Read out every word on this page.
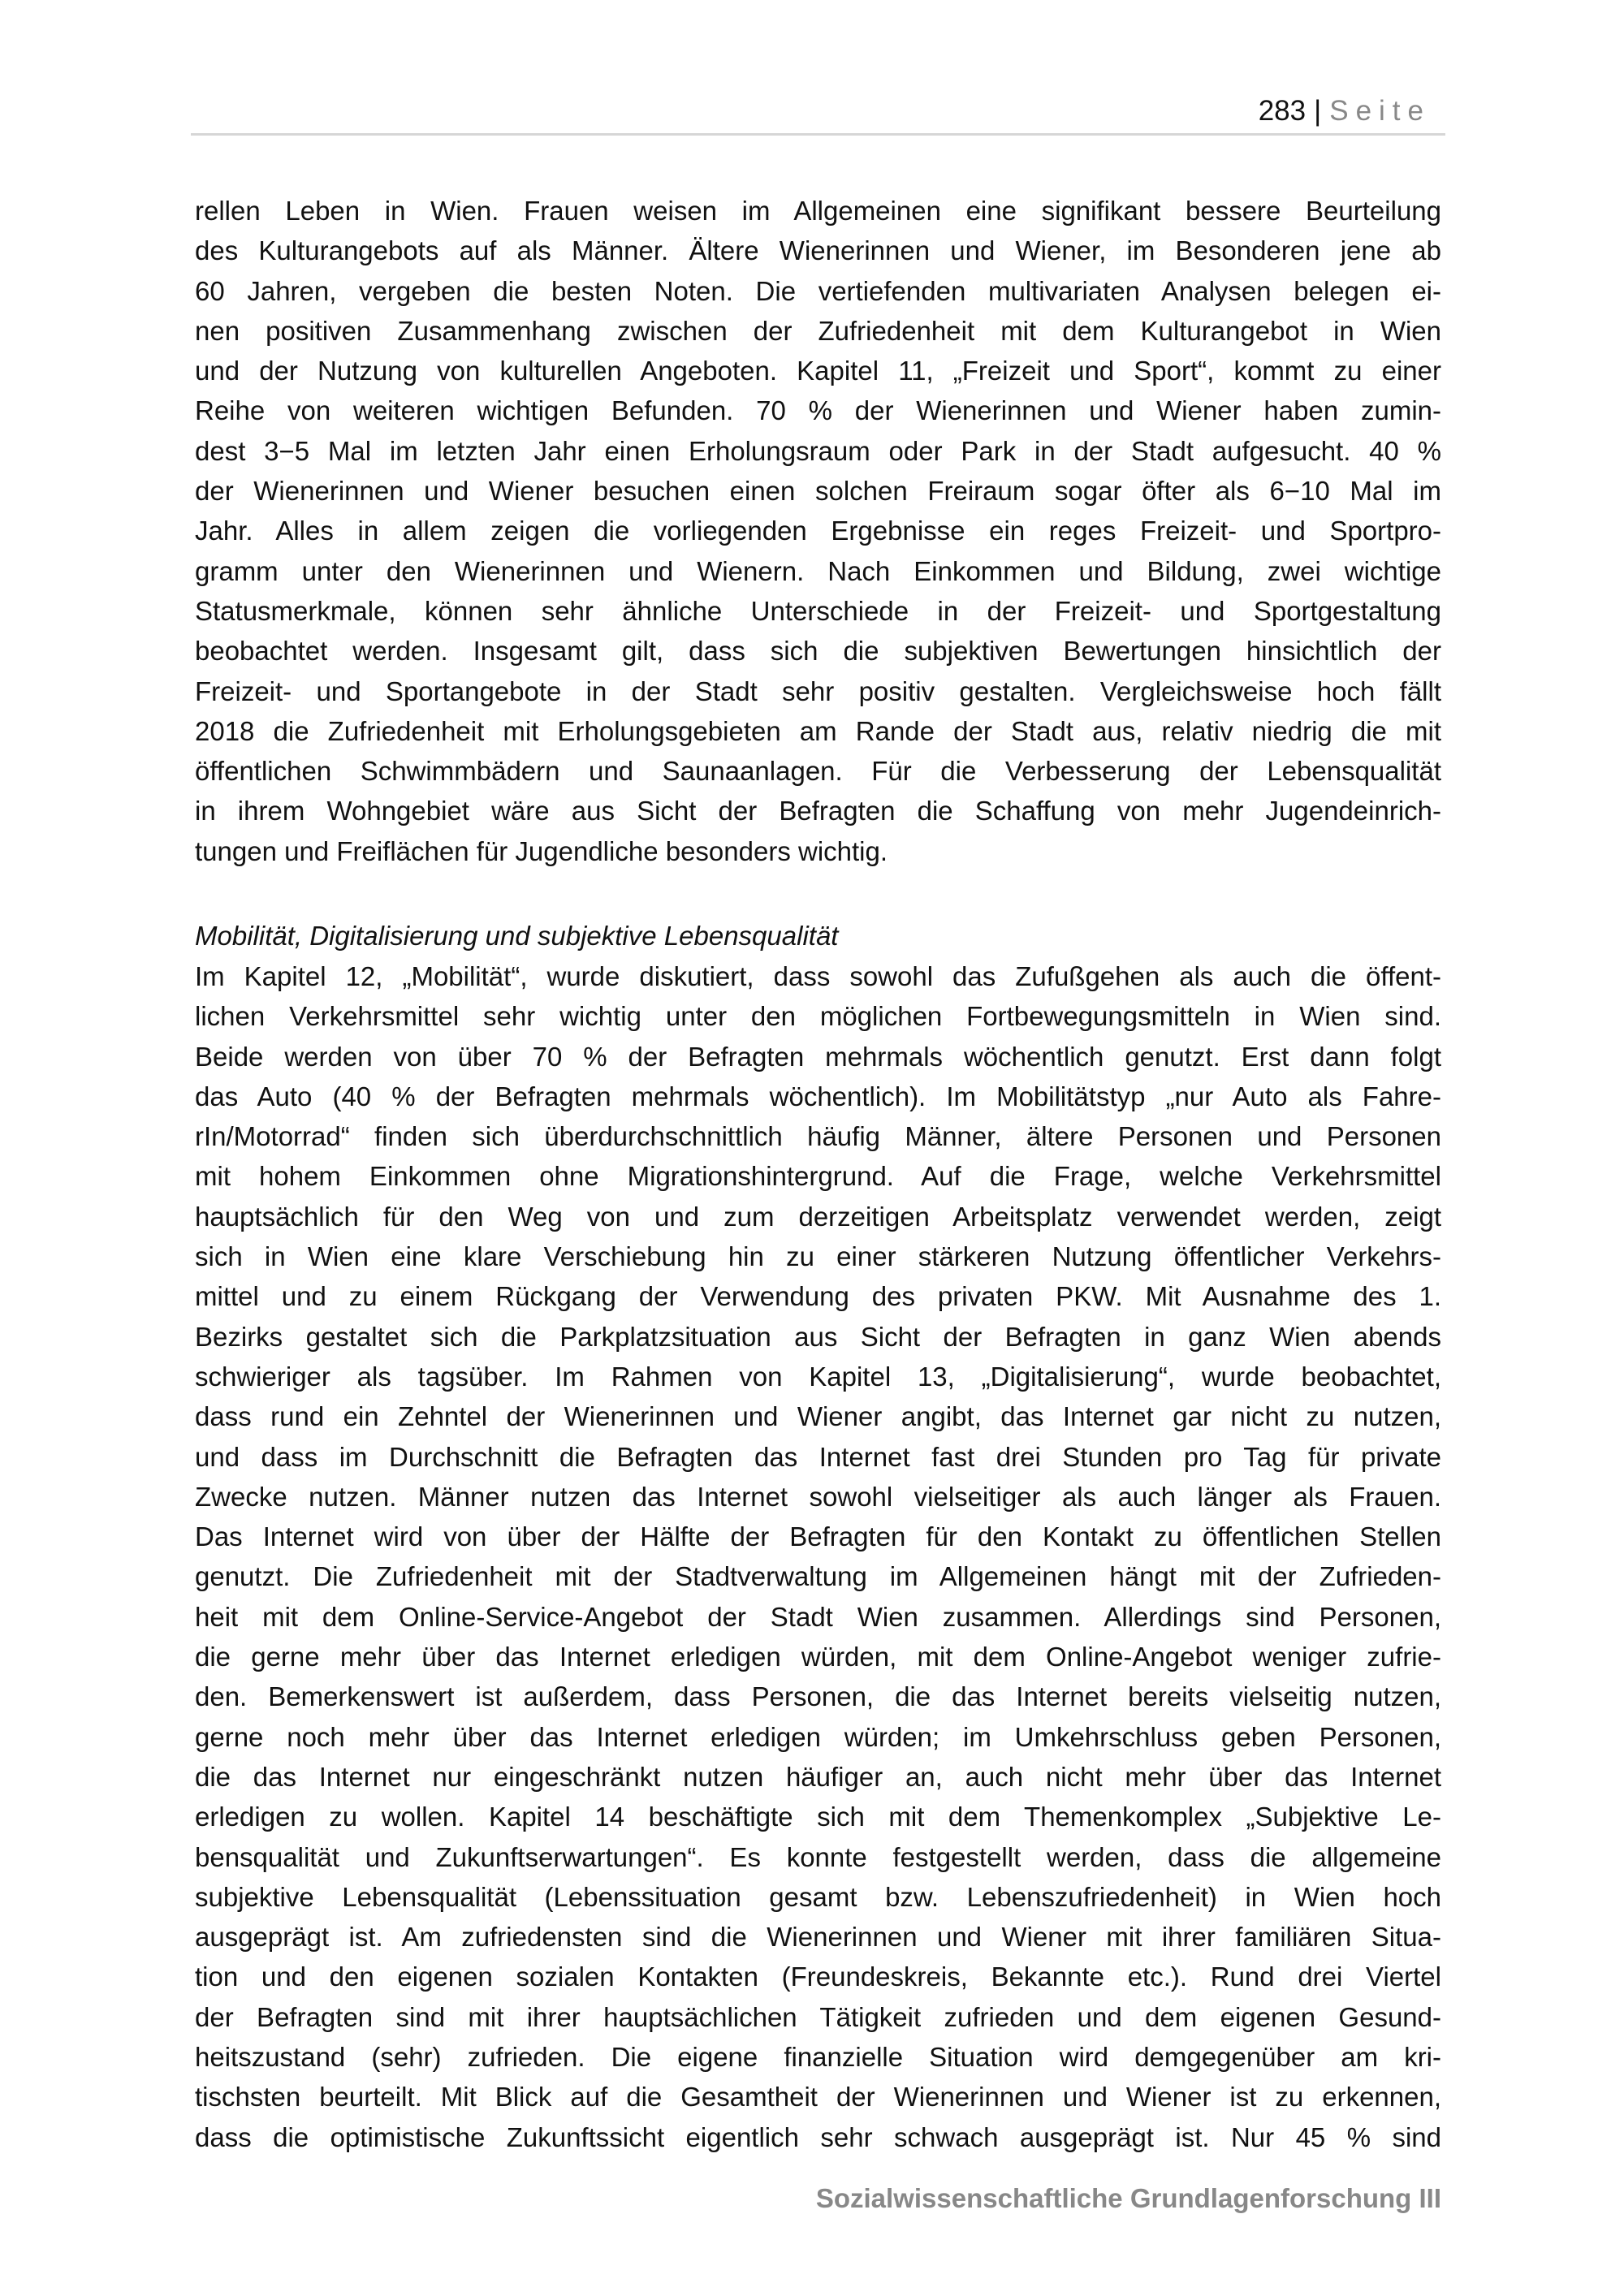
283 | Seite
rellen Leben in Wien. Frauen weisen im Allgemeinen eine signifikant bessere Beurteilung
des Kulturangebots auf als Männer. Ältere Wienerinnen und Wiener, im Besonderen jene ab
60 Jahren, vergeben die besten Noten. Die vertiefenden multivariaten Analysen belegen ei-
nen positiven Zusammenhang zwischen der Zufriedenheit mit dem Kulturangebot in Wien
und der Nutzung von kulturellen Angeboten. Kapitel 11, „Freizeit und Sport“, kommt zu einer
Reihe von weiteren wichtigen Befunden. 70 % der Wienerinnen und Wiener haben zumin-
dest 3−5 Mal im letzten Jahr einen Erholungsraum oder Park in der Stadt aufgesucht. 40 %
der Wienerinnen und Wiener besuchen einen solchen Freiraum sogar öfter als 6−10 Mal im
Jahr. Alles in allem zeigen die vorliegenden Ergebnisse ein reges Freizeit- und Sportpro-
gramm unter den Wienerinnen und Wienern. Nach Einkommen und Bildung, zwei wichtige
Statusmerkmale, können sehr ähnliche Unterschiede in der Freizeit- und Sportgestaltung
beobachtet werden. Insgesamt gilt, dass sich die subjektiven Bewertungen hinsichtlich der
Freizeit- und Sportangebote in der Stadt sehr positiv gestalten. Vergleichsweise hoch fällt
2018 die Zufriedenheit mit Erholungsgebieten am Rande der Stadt aus, relativ niedrig die mit
öffentlichen Schwimmbädern und Saunaanlagen. Für die Verbesserung der Lebensqualität
in ihrem Wohngebiet wäre aus Sicht der Befragten die Schaffung von mehr Jugendeinrich-
tungen und Freiflächen für Jugendliche besonders wichtig.
Mobilität, Digitalisierung und subjektive Lebensqualität
Im Kapitel 12, „Mobilität“, wurde diskutiert, dass sowohl das Zufußgehen als auch die öffent-
lichen Verkehrsmittel sehr wichtig unter den möglichen Fortbewegungsmitteln in Wien sind.
Beide werden von über 70 % der Befragten mehrmals wöchentlich genutzt. Erst dann folgt
das Auto (40 % der Befragten mehrmals wöchentlich). Im Mobilitätstyp „nur Auto als Fahre-
rIn/Motorrad“ finden sich überdurchschnittlich häufig Männer, ältere Personen und Personen
mit hohem Einkommen ohne Migrationshintergrund. Auf die Frage, welche Verkehrsmittel
hauptsächlich für den Weg von und zum derzeitigen Arbeitsplatz verwendet werden, zeigt
sich in Wien eine klare Verschiebung hin zu einer stärkeren Nutzung öffentlicher Verkehrs-
mittel und zu einem Rückgang der Verwendung des privaten PKW. Mit Ausnahme des 1.
Bezirks gestaltet sich die Parkplatzsituation aus Sicht der Befragten in ganz Wien abends
schwieriger als tagsüber. Im Rahmen von Kapitel 13, „Digitalisierung“, wurde beobachtet,
dass rund ein Zehntel der Wienerinnen und Wiener angibt, das Internet gar nicht zu nutzen,
und dass im Durchschnitt die Befragten das Internet fast drei Stunden pro Tag für private
Zwecke nutzen. Männer nutzen das Internet sowohl vielseitiger als auch länger als Frauen.
Das Internet wird von über der Hälfte der Befragten für den Kontakt zu öffentlichen Stellen
genutzt. Die Zufriedenheit mit der Stadtverwaltung im Allgemeinen hängt mit der Zufrieden-
heit mit dem Online-Service-Angebot der Stadt Wien zusammen. Allerdings sind Personen,
die gerne mehr über das Internet erledigen würden, mit dem Online-Angebot weniger zufrie-
den. Bemerkenswert ist außerdem, dass Personen, die das Internet bereits vielseitig nutzen,
gerne noch mehr über das Internet erledigen würden; im Umkehrschluss geben Personen,
die das Internet nur eingeschränkt nutzen häufiger an, auch nicht mehr über das Internet
erledigen zu wollen. Kapitel 14 beschäftigte sich mit dem Themenkomplex „Subjektive Le-
bensqualität und Zukunftserwartungen“. Es konnte festgestellt werden, dass die allgemeine
subjektive Lebensqualität (Lebenssituation gesamt bzw. Lebenszufriedenheit) in Wien hoch
ausgeprägt ist. Am zufriedensten sind die Wienerinnen und Wiener mit ihrer familiären Situa-
tion und den eigenen sozialen Kontakten (Freundeskreis, Bekannte etc.). Rund drei Viertel
der Befragten sind mit ihrer hauptsächlichen Tätigkeit zufrieden und dem eigenen Gesund-
heitszustand (sehr) zufrieden. Die eigene finanzielle Situation wird demgegenüber am kri-
tischsten beurteilt. Mit Blick auf die Gesamtheit der Wienerinnen und Wiener ist zu erkennen,
dass die optimistische Zukunftssicht eigentlich sehr schwach ausgeprägt ist. Nur 45 % sind
Sozialwissenschaftliche Grundlagenforschung III
